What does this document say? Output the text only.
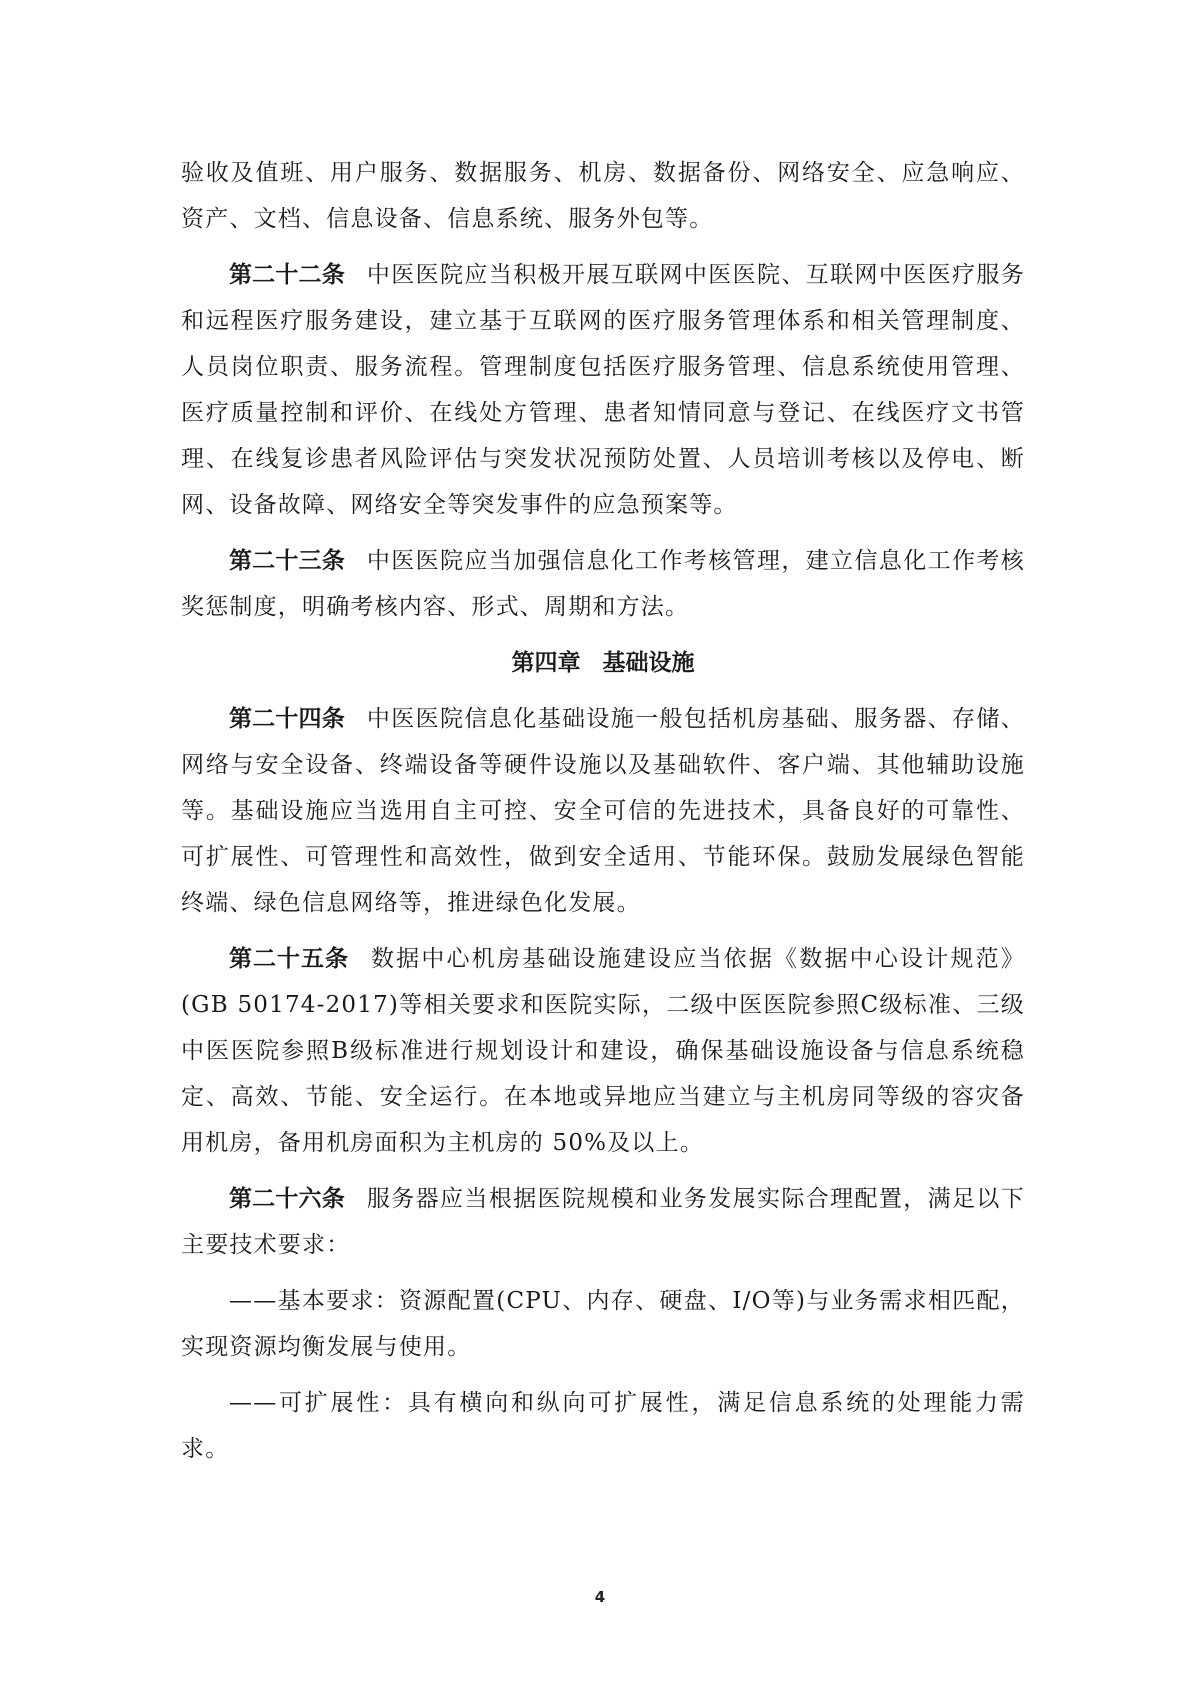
验收及值班、用户服务、数据服务、机房、数据备份、网络安全、应急响应、资产、文档、信息设备、信息系统、服务外包等。

第二十二条 中医医院应当积极开展互联网中医医院、互联网中医医疗服务和远程医疗服务建设，建立基于互联网的医疗服务管理体系和相关管理制度、人员岗位职责、服务流程。管理制度包括医疗服务管理、信息系统使用管理、医疗质量控制和评价、在线处方管理、患者知情同意与登记、在线医疗文书管理、在线复诊患者风险评估与突发状况预防处置、人员培训考核以及停电、断网、设备故障、网络安全等突发事件的应急预案等。

第二十三条 中医医院应当加强信息化工作考核管理，建立信息化工作考核奖惩制度，明确考核内容、形式、周期和方法。

第四章 基础设施

第二十四条 中医医院信息化基础设施一般包括机房基础、服务器、存储、网络与安全设备、终端设备等硬件设施以及基础软件、客户端、其他辅助设施等。基础设施应当选用自主可控、安全可信的先进技术，具备良好的可靠性、可扩展性、可管理性和高效性，做到安全适用、节能环保。鼓励发展绿色智能终端、绿色信息网络等，推进绿色化发展。

第二十五条 数据中心机房基础设施建设应当依据《数据中心设计规范》(GB 50174-2017)等相关要求和医院实际，二级中医医院参照C级标准、三级中医医院参照B级标准进行规划设计和建设，确保基础设施设备与信息系统稳定、高效、节能、安全运行。在本地或异地应当建立与主机房同等级的容灾备用机房，备用机房面积为主机房的 50%及以上。

第二十六条 服务器应当根据医院规模和业务发展实际合理配置，满足以下主要技术要求：

——基本要求：资源配置(CPU、内存、硬盘、I/O等)与业务需求相匹配，实现资源均衡发展与使用。

——可扩展性：具有横向和纵向可扩展性，满足信息系统的处理能力需求。

4
